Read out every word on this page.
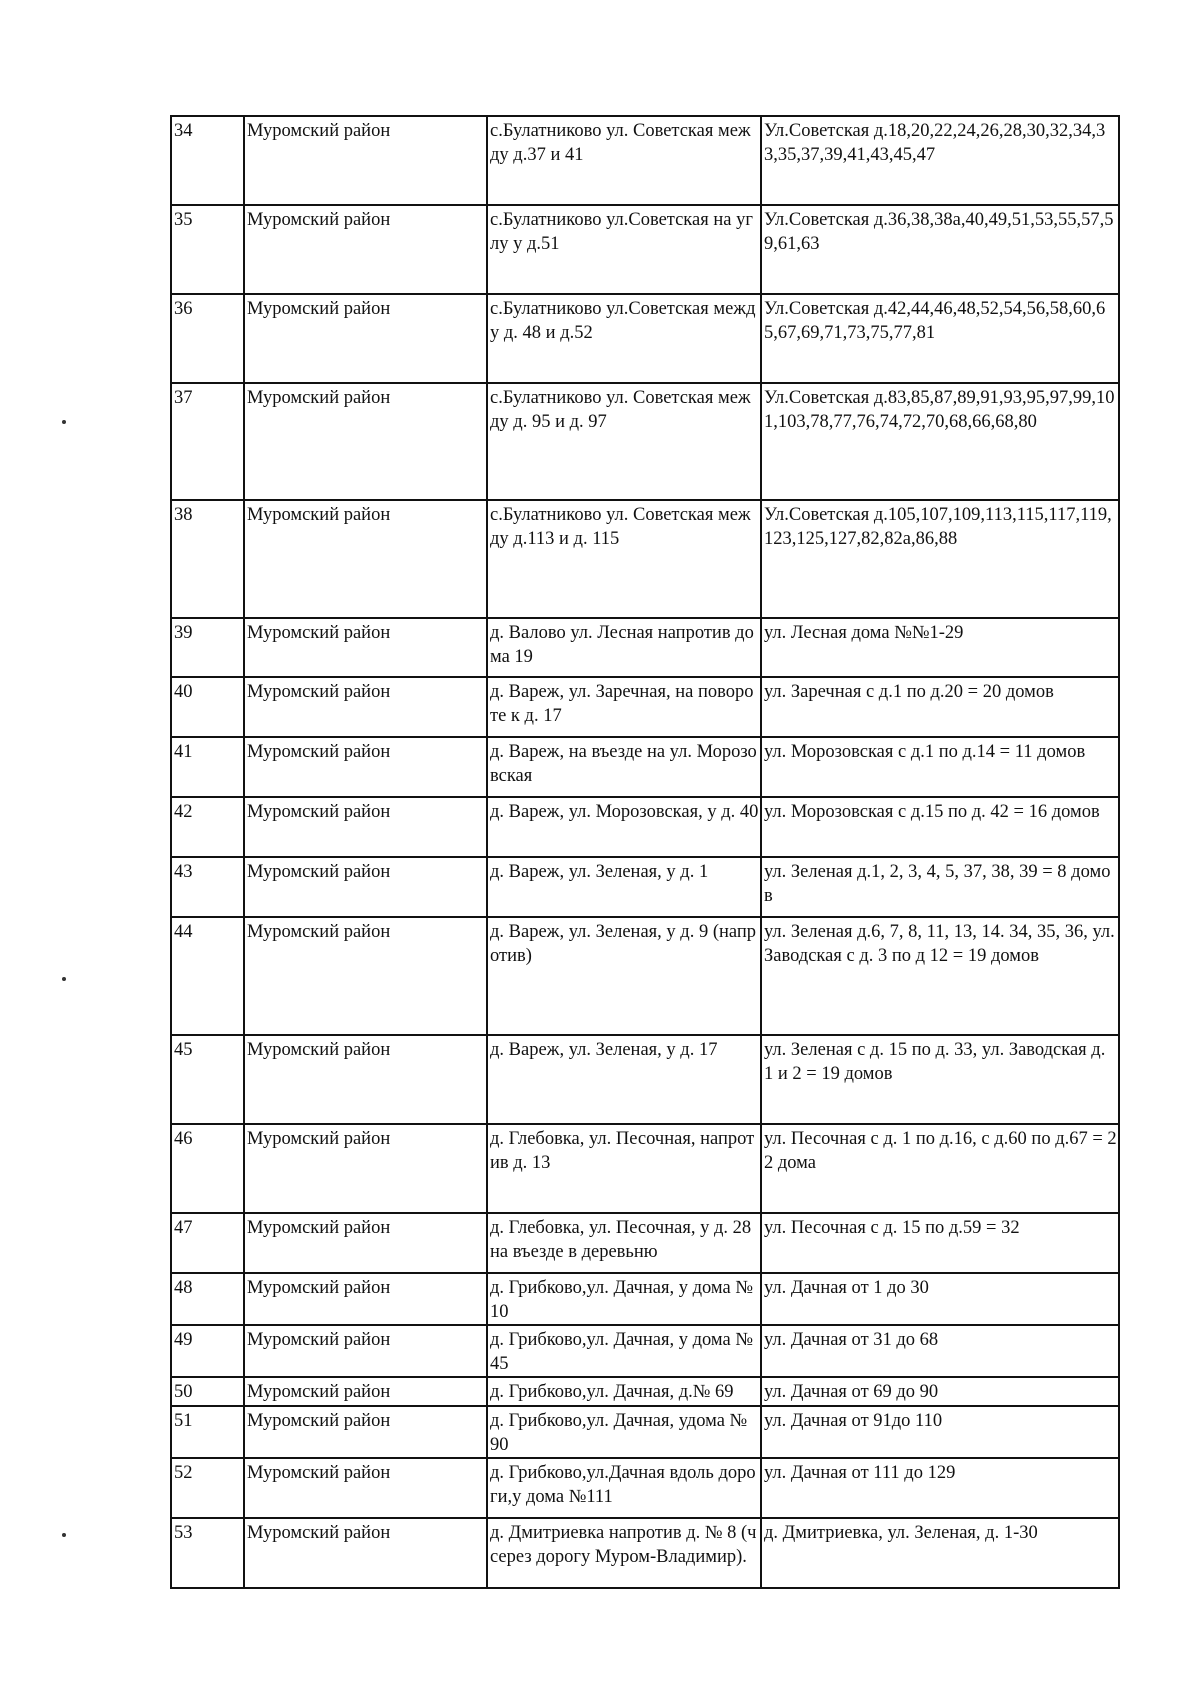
34	Муромский район	с.Булатниково ул. Советская между д.37 и 41	Ул.Советская д.18,20,22,24,26,28,30,32,34,33,35,37,39,41,43,45,47
35	Муромский район	с.Булатниково ул.Советская на углу у д.51	Ул.Советская д.36,38,38а,40,49,51,53,55,57,59,61,63
36	Муромский район	с.Булатниково ул.Советская между д. 48 и д.52	Ул.Советская д.42,44,46,48,52,54,56,58,60,65,67,69,71,73,75,77,81
37	Муромский район	с.Булатниково ул. Советская между д. 95 и д. 97	Ул.Советская д.83,85,87,89,91,93,95,97,99,101,103,78,77,76,74,72,70,68,66,68,80
38	Муромский район	с.Булатниково ул. Советская между д.113 и д. 115	Ул.Советская д.105,107,109,113,115,117,119,123,125,127,82,82а,86,88
39	Муромский район	д. Валово ул. Лесная напротив дома 19	ул. Лесная дома №№1-29
40	Муромский район	д. Вареж, ул. Заречная, на повороте к д. 17	ул. Заречная с д.1 по д.20 = 20 домов
41	Муромский район	д. Вареж, на въезде на ул. Морозовская	ул. Морозовская с д.1 по д.14 = 11 домов
42	Муромский район	д. Вареж, ул. Морозовская, у д. 40	ул. Морозовская с д.15 по д. 42 = 16 домов
43	Муромский район	д. Вареж, ул. Зеленая, у д. 1	ул. Зеленая д.1, 2, 3, 4, 5, 37, 38, 39 = 8 домов
44	Муромский район	д. Вареж, ул. Зеленая, у д. 9 (напротив)	ул. Зеленая д.6, 7, 8, 11, 13, 14. 34, 35, 36, ул. Заводская с д. 3 по д 12 = 19 домов
45	Муромский район	д. Вареж, ул. Зеленая, у д. 17	ул. Зеленая с д. 15 по д. 33, ул. Заводская д. 1 и 2 = 19 домов
46	Муромский район	д. Глебовка, ул. Песочная, напротив д. 13	ул. Песочная с д. 1 по д.16, с д.60 по д.67 = 22 дома
47	Муромский район	д. Глебовка, ул. Песочная, у д. 28 на въезде в деревьню	ул. Песочная с д. 15 по д.59 = 32
48	Муромский район	д. Грибково,ул. Дачная, у дома № 10	ул. Дачная от 1 до 30
49	Муромский район	д. Грибково,ул. Дачная, у дома № 45	ул. Дачная от 31 до 68
50	Муромский район	д. Грибково,ул. Дачная, д.№ 69	ул. Дачная от 69 до 90
51	Муромский район	д. Грибково,ул. Дачная, удома № 90	ул. Дачная от 91до 110
52	Муромский район	д. Грибково,ул.Дачная вдоль дороги,у дома №111	ул. Дачная от 111 до 129
53	Муромский район	д. Дмитриевка напротив д. № 8 (чсерез дорогу Муром-Владимир).	д. Дмитриевка, ул. Зеленая, д. 1-30
